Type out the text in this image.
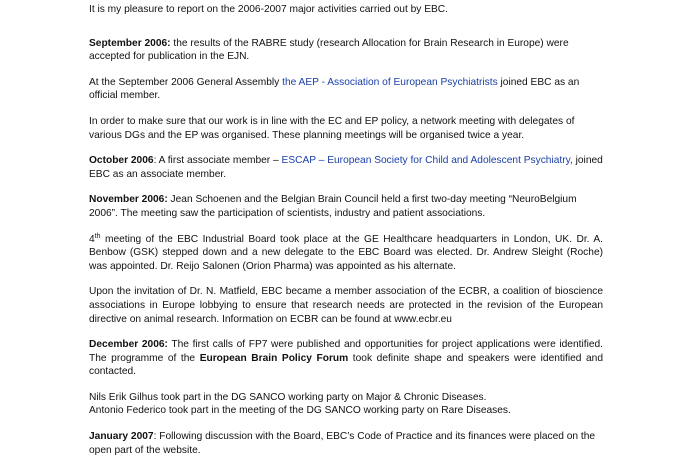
It is my pleasure to report on the 2006-2007 major activities carried out by EBC.

September 2006: the results of the RABRE study (research Allocation for Brain Research in Europe) were accepted for publication in the EJN.

At the September 2006 General Assembly the AEP - Association of European Psychiatrists joined EBC as an official member.

In order to make sure that our work is in line with the EC and EP policy, a network meeting with delegates of various DGs and the EP was organised. These planning meetings will be organised twice a year.

October 2006: A first associate member – ESCAP – European Society for Child and Adolescent Psychiatry, joined EBC as an associate member.

November 2006: Jean Schoenen and the Belgian Brain Council held a first two-day meeting “NeuroBelgium 2006”. The meeting saw the participation of scientists, industry and patient associations.

4th meeting of the EBC Industrial Board took place at the GE Healthcare headquarters in London, UK. Dr. A. Benbow (GSK) stepped down and a new delegate to the EBC Board was elected. Dr. Andrew Sleight (Roche) was appointed. Dr. Reijo Salonen (Orion Pharma) was appointed as his alternate.

Upon the invitation of Dr. N. Matfield, EBC became a member association of the ECBR, a coalition of bioscience associations in Europe lobbying to ensure that research needs are protected in the revision of the European directive on animal research. Information on ECBR can be found at www.ecbr.eu

December 2006: The first calls of FP7 were published and opportunities for project applications were identified. The programme of the European Brain Policy Forum took definite shape and speakers were identified and contacted.

Nils Erik Gilhus took part in the DG SANCO working party on Major & Chronic Diseases.

Antonio Federico took part in the meeting of the DG SANCO working party on Rare Diseases.

January 2007: Following discussion with the Board, EBC’s Code of Practice and its finances were placed on the open part of the website.
